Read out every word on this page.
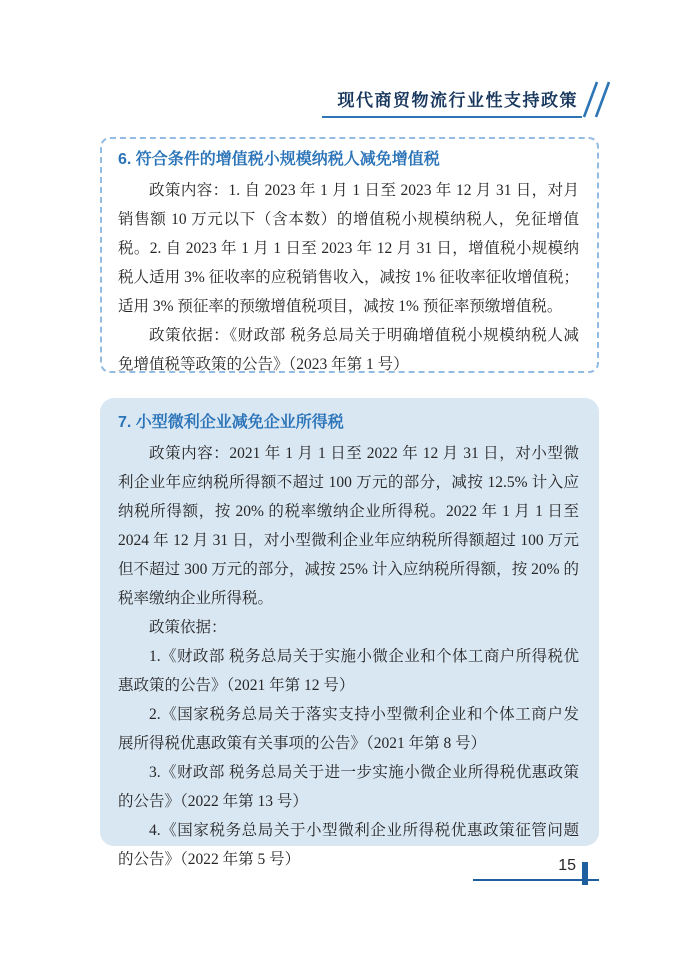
现代商贸物流行业性支持政策
6. 符合条件的增值税小规模纳税人减免增值税

政策内容：1. 自 2023 年 1 月 1 日至 2023 年 12 月 31 日，对月销售额 10 万元以下（含本数）的增值税小规模纳税人，免征增值税。2. 自 2023 年 1 月 1 日至 2023 年 12 月 31 日，增值税小规模纳税人适用 3% 征收率的应税销售收入，减按 1% 征收率征收增值税；适用 3% 预征率的预缴增值税项目，减按 1% 预征率预缴增值税。

政策依据：《财政部 税务总局关于明确增值税小规模纳税人减免增值税等政策的公告》（2023 年第 1 号）

7. 小型微利企业减免企业所得税

政策内容：2021 年 1 月 1 日至 2022 年 12 月 31 日，对小型微利企业年应纳税所得额不超过 100 万元的部分，减按 12.5% 计入应纳税所得额，按 20% 的税率缴纳企业所得税。2022 年 1 月 1 日至 2024 年 12 月 31 日，对小型微利企业年应纳税所得额超过 100 万元但不超过 300 万元的部分，减按 25% 计入应纳税所得额，按 20% 的税率缴纳企业所得税。

政策依据：

1.《财政部 税务总局关于实施小微企业和个体工商户所得税优惠政策的公告》（2021 年第 12 号）

2.《国家税务总局关于落实支持小型微利企业和个体工商户发展所得税优惠政策有关事项的公告》（2021 年第 8 号）

3.《财政部 税务总局关于进一步实施小微企业所得税优惠政策的公告》（2022 年第 13 号）

4.《国家税务总局关于小型微利企业所得税优惠政策征管问题的公告》（2022 年第 5 号）	15
